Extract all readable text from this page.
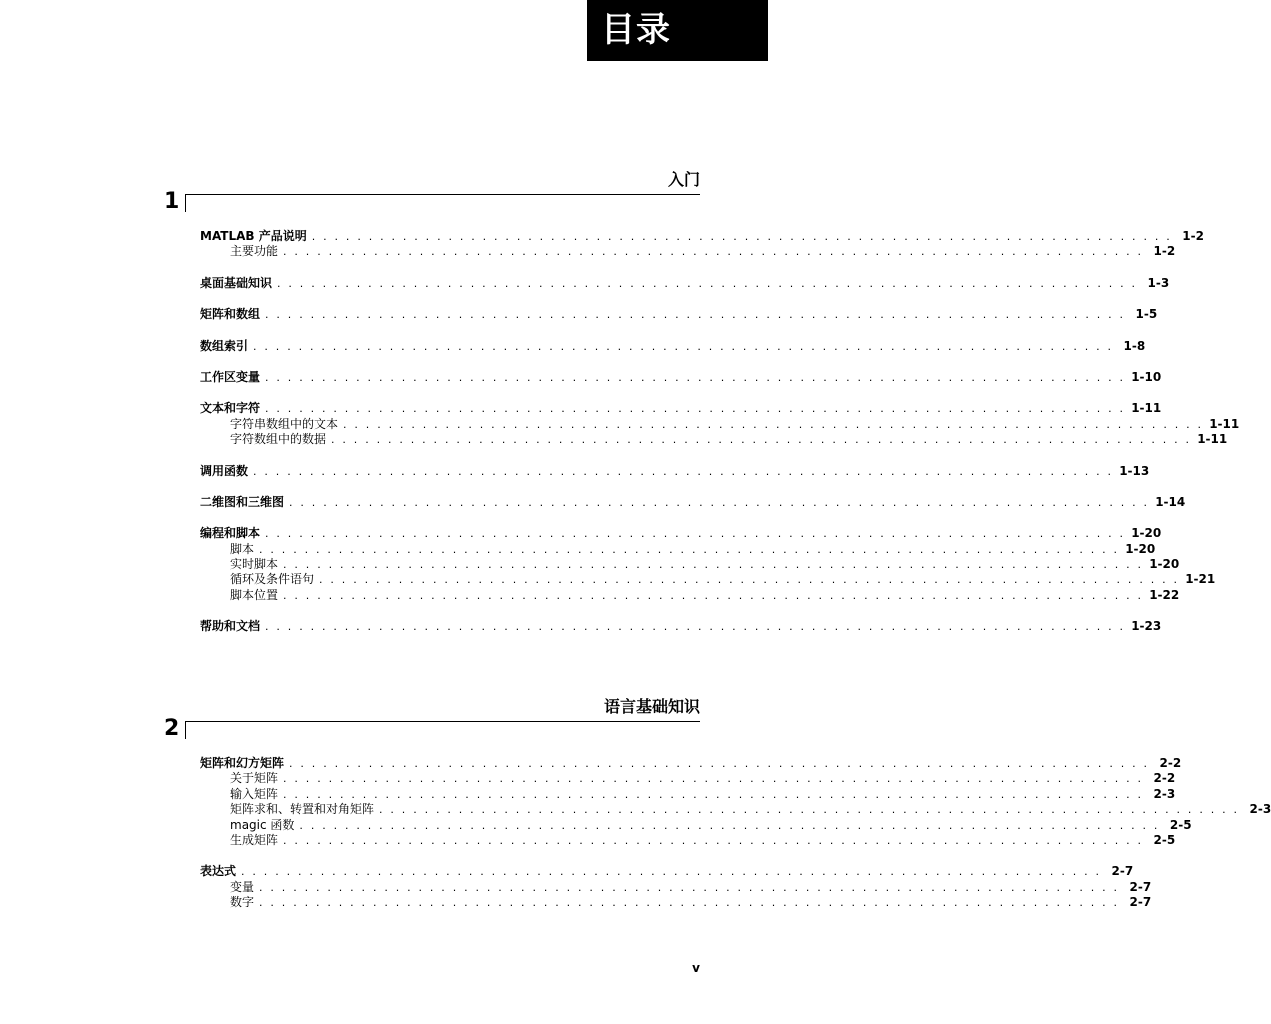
目录
入门
1
MATLAB 产品说明 . . . . . . . . . . . . . . . . . . . . . . . . . . . . . . . . . . . . . . . . . . . . . . . . . . . . . . . . . . . . . . . . . . . . . . . . . . . . 1-2
主要功能 . . . . . . . . . . . . . . . . . . . . . . . . . . . . . . . . . . . . . . . . . . . . . . . . . . . . . . . . . . . . . . . . . . . . . . . . . . . . 1-2
桌面基础知识 . . . . . . . . . . . . . . . . . . . . . . . . . . . . . . . . . . . . . . . . . . . . . . . . . . . . . . . . . . . . . . . . . . . . . . . . . . . . 1-3
矩阵和数组 . . . . . . . . . . . . . . . . . . . . . . . . . . . . . . . . . . . . . . . . . . . . . . . . . . . . . . . . . . . . . . . . . . . . . . . . . . . . 1-5
数组索引 . . . . . . . . . . . . . . . . . . . . . . . . . . . . . . . . . . . . . . . . . . . . . . . . . . . . . . . . . . . . . . . . . . . . . . . . . . . . 1-8
工作区变量 . . . . . . . . . . . . . . . . . . . . . . . . . . . . . . . . . . . . . . . . . . . . . . . . . . . . . . . . . . . . . . . . . . . . . . . . . . . . 1-10
文本和字符 . . . . . . . . . . . . . . . . . . . . . . . . . . . . . . . . . . . . . . . . . . . . . . . . . . . . . . . . . . . . . . . . . . . . . . . . . . . . 1-11
字符串数组中的文本 . . . . . . . . . . . . . . . . . . . . . . . . . . . . . . . . . . . . . . . . . . . . . . . . . . . . . . . . . . . . . . . . . . . . . . . . . . . . 1-11
字符数组中的数据 . . . . . . . . . . . . . . . . . . . . . . . . . . . . . . . . . . . . . . . . . . . . . . . . . . . . . . . . . . . . . . . . . . . . . . . . . . . . 1-11
调用函数 . . . . . . . . . . . . . . . . . . . . . . . . . . . . . . . . . . . . . . . . . . . . . . . . . . . . . . . . . . . . . . . . . . . . . . . . . . . . 1-13
二维图和三维图 . . . . . . . . . . . . . . . . . . . . . . . . . . . . . . . . . . . . . . . . . . . . . . . . . . . . . . . . . . . . . . . . . . . . . . . . . . . . 1-14
编程和脚本 . . . . . . . . . . . . . . . . . . . . . . . . . . . . . . . . . . . . . . . . . . . . . . . . . . . . . . . . . . . . . . . . . . . . . . . . . . . . 1-20
脚本 . . . . . . . . . . . . . . . . . . . . . . . . . . . . . . . . . . . . . . . . . . . . . . . . . . . . . . . . . . . . . . . . . . . . . . . . . . . . 1-20
实时脚本 . . . . . . . . . . . . . . . . . . . . . . . . . . . . . . . . . . . . . . . . . . . . . . . . . . . . . . . . . . . . . . . . . . . . . . . . . . . . 1-20
循环及条件语句 . . . . . . . . . . . . . . . . . . . . . . . . . . . . . . . . . . . . . . . . . . . . . . . . . . . . . . . . . . . . . . . . . . . . . . . . . . . . 1-21
脚本位置 . . . . . . . . . . . . . . . . . . . . . . . . . . . . . . . . . . . . . . . . . . . . . . . . . . . . . . . . . . . . . . . . . . . . . . . . . . . . 1-22
帮助和文档 . . . . . . . . . . . . . . . . . . . . . . . . . . . . . . . . . . . . . . . . . . . . . . . . . . . . . . . . . . . . . . . . . . . . . . . . . . . . 1-23
语言基础知识
2
矩阵和幻方矩阵 . . . . . . . . . . . . . . . . . . . . . . . . . . . . . . . . . . . . . . . . . . . . . . . . . . . . . . . . . . . . . . . . . . . . . . . . . . . . 2-2
关于矩阵 . . . . . . . . . . . . . . . . . . . . . . . . . . . . . . . . . . . . . . . . . . . . . . . . . . . . . . . . . . . . . . . . . . . . . . . . . . . . 2-2
输入矩阵 . . . . . . . . . . . . . . . . . . . . . . . . . . . . . . . . . . . . . . . . . . . . . . . . . . . . . . . . . . . . . . . . . . . . . . . . . . . . 2-3
矩阵求和、转置和对角矩阵 . . . . . . . . . . . . . . . . . . . . . . . . . . . . . . . . . . . . . . . . . . . . . . . . . . . . . . . . . . . . . . . . . . . . . . . . . . . . 2-3
magic 函数 . . . . . . . . . . . . . . . . . . . . . . . . . . . . . . . . . . . . . . . . . . . . . . . . . . . . . . . . . . . . . . . . . . . . . . . . . . . . 2-5
生成矩阵 . . . . . . . . . . . . . . . . . . . . . . . . . . . . . . . . . . . . . . . . . . . . . . . . . . . . . . . . . . . . . . . . . . . . . . . . . . . . 2-5
表达式 . . . . . . . . . . . . . . . . . . . . . . . . . . . . . . . . . . . . . . . . . . . . . . . . . . . . . . . . . . . . . . . . . . . . . . . . . . . . 2-7
变量 . . . . . . . . . . . . . . . . . . . . . . . . . . . . . . . . . . . . . . . . . . . . . . . . . . . . . . . . . . . . . . . . . . . . . . . . . . . . 2-7
数字 . . . . . . . . . . . . . . . . . . . . . . . . . . . . . . . . . . . . . . . . . . . . . . . . . . . . . . . . . . . . . . . . . . . . . . . . . . . . 2-7
v
